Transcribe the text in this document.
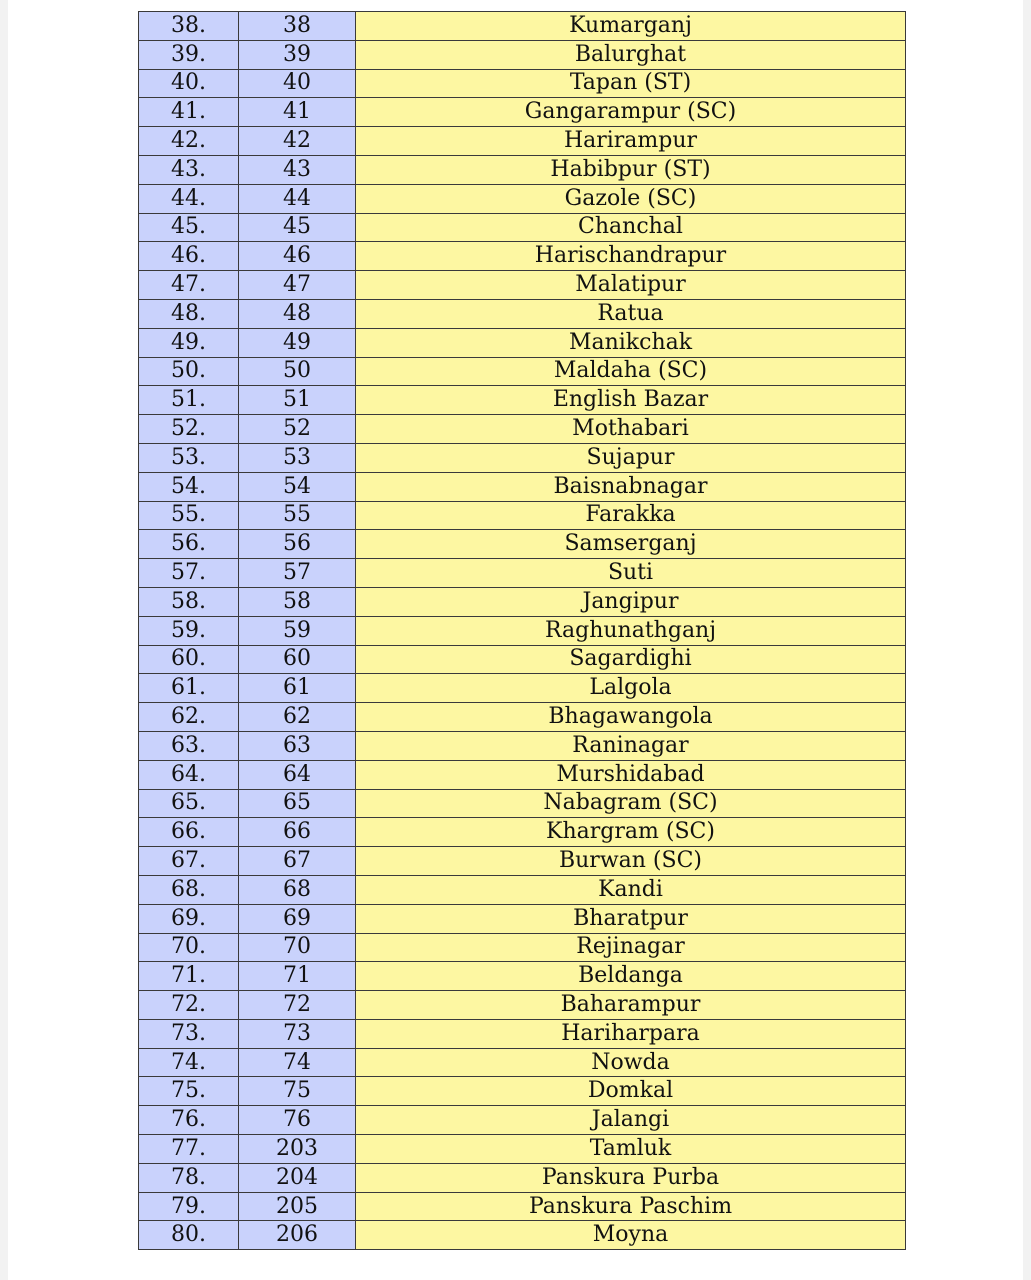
38.	38	Kumarganj
39.	39	Balurghat
40.	40	Tapan (ST)
41.	41	Gangarampur (SC)
42.	42	Harirampur
43.	43	Habibpur (ST)
44.	44	Gazole (SC)
45.	45	Chanchal
46.	46	Harischandrapur
47.	47	Malatipur
48.	48	Ratua
49.	49	Manikchak
50.	50	Maldaha (SC)
51.	51	English Bazar
52.	52	Mothabari
53.	53	Sujapur
54.	54	Baisnabnagar
55.	55	Farakka
56.	56	Samserganj
57.	57	Suti
58.	58	Jangipur
59.	59	Raghunathganj
60.	60	Sagardighi
61.	61	Lalgola
62.	62	Bhagawangola
63.	63	Raninagar
64.	64	Murshidabad
65.	65	Nabagram (SC)
66.	66	Khargram (SC)
67.	67	Burwan (SC)
68.	68	Kandi
69.	69	Bharatpur
70.	70	Rejinagar
71.	71	Beldanga
72.	72	Baharampur
73.	73	Hariharpara
74.	74	Nowda
75.	75	Domkal
76.	76	Jalangi
77.	203	Tamluk
78.	204	Panskura Purba
79.	205	Panskura Paschim
80.	206	Moyna
